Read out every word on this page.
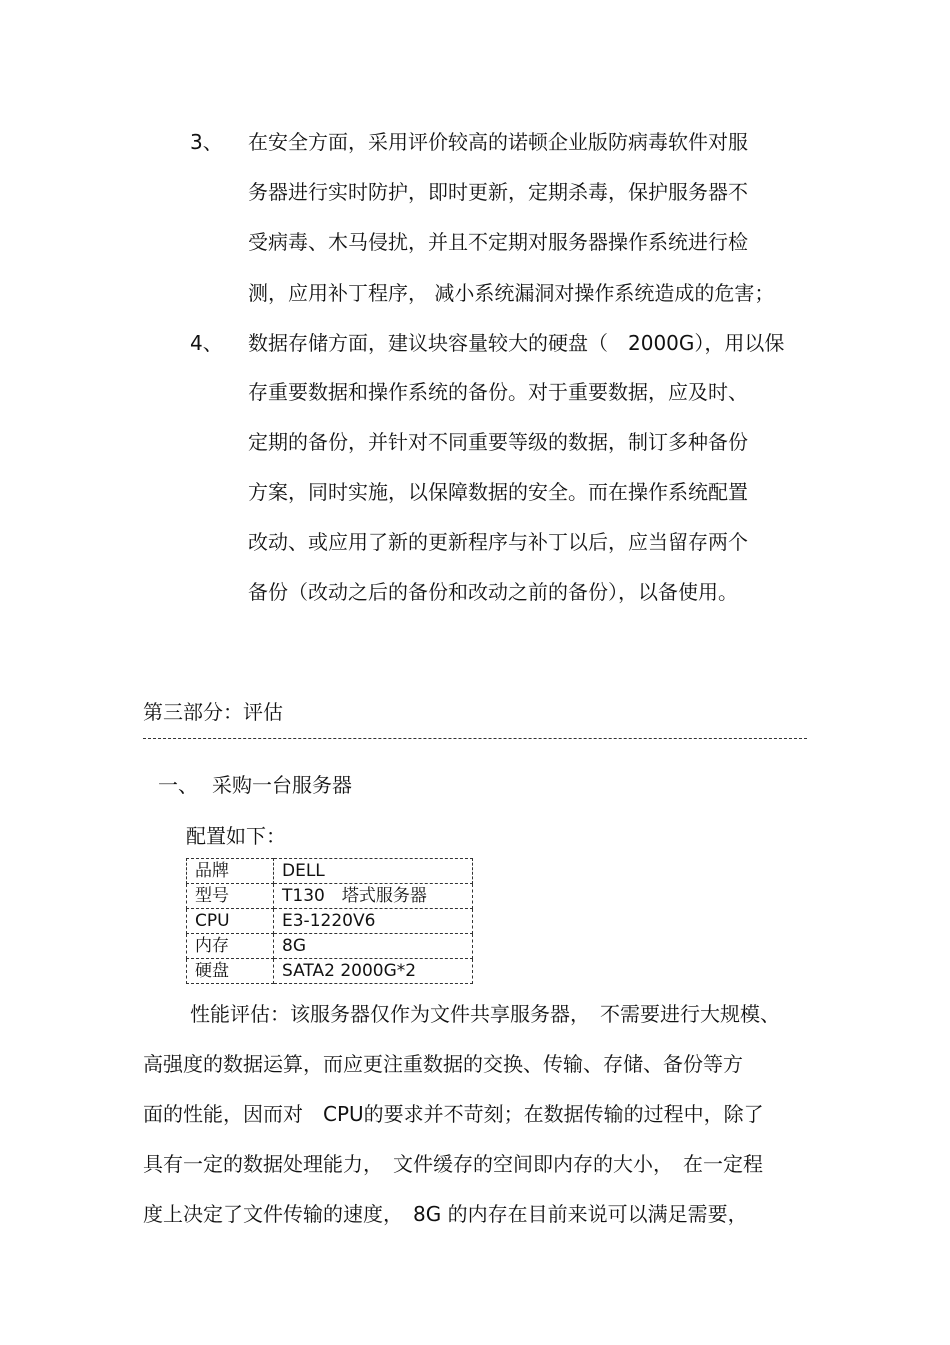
3、 在安全方面，采用评价较高的诺顿企业版防病毒软件对服
务器进行实时防护，即时更新，定期杀毒，保护服务器不
受病毒、木马侵扰，并且不定期对服务器操作系统进行检
测，应用补丁程序， 减小系统漏洞对操作系统造成的危害；
4、 数据存储方面，建议块容量较大的硬盘（　2000G），用以保
存重要数据和操作系统的备份。对于重要数据，应及时、
定期的备份，并针对不同重要等级的数据，制订多种备份
方案，同时实施，以保障数据的安全。而在操作系统配置
改动、或应用了新的更新程序与补丁以后，应当留存两个
备份（改动之后的备份和改动之前的备份），以备使用。
第三部分：评估
一、 采购一台服务器
配置如下：
品牌	DELL
型号	T130　塔式服务器
CPU	E3-1220V6
内存	8G
硬盘	SATA2 2000G*2
性能评估：该服务器仅作为文件共享服务器，　不需要进行大规模、
高强度的数据运算，而应更注重数据的交换、传输、存储、备份等方
面的性能，因而对　CPU的要求并不苛刻；在数据传输的过程中，除了
具有一定的数据处理能力，　文件缓存的空间即内存的大小，　在一定程
度上决定了文件传输的速度，　8G 的内存在目前来说可以满足需要，
